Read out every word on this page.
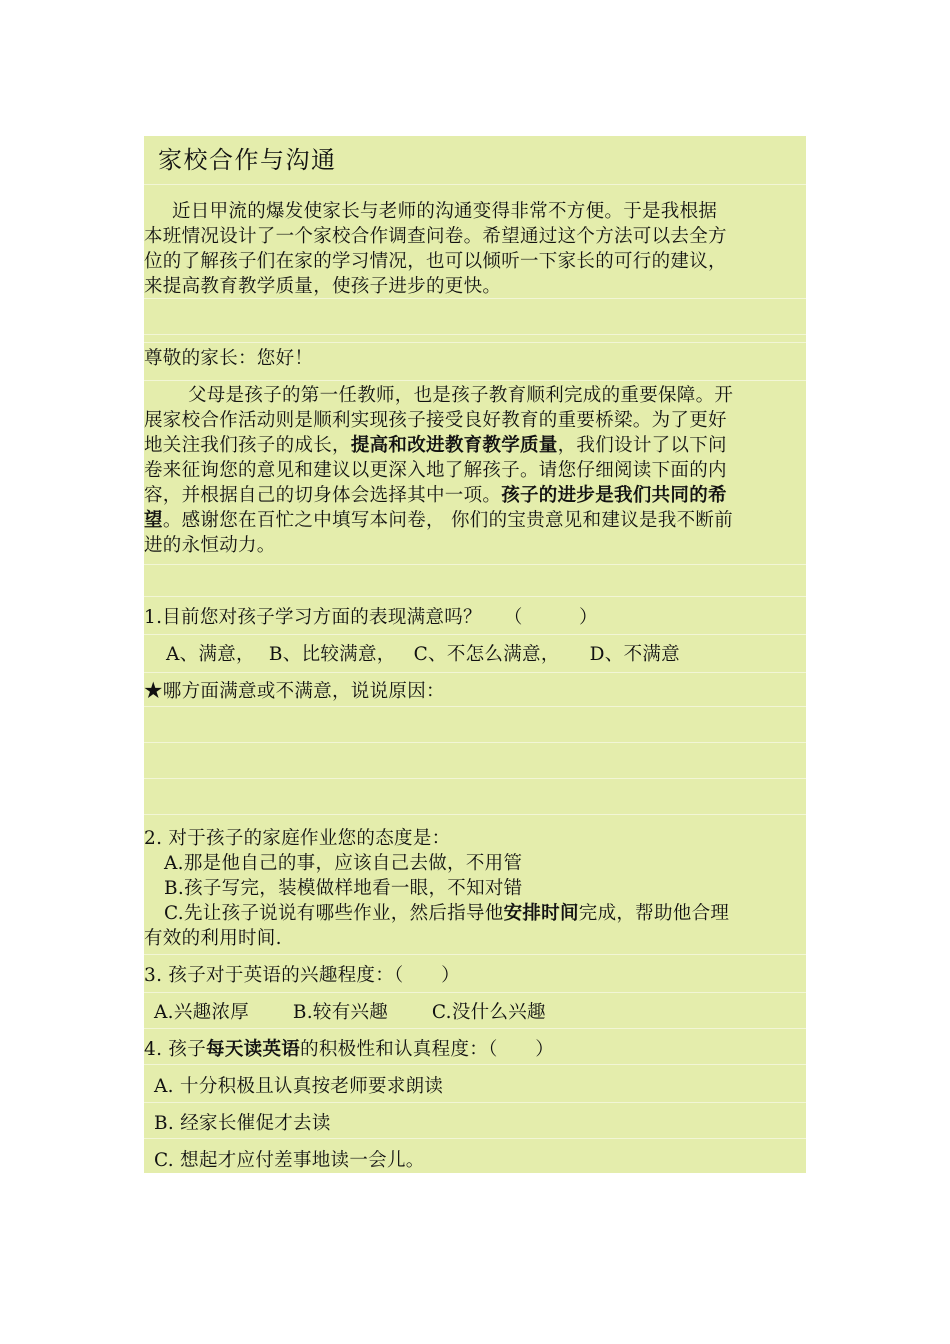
家校合作与沟通
近日甲流的爆发使家长与老师的沟通变得非常不方便。于是我根据
本班情况设计了一个家校合作调查问卷。希望通过这个方法可以去全方
位的了解孩子们在家的学习情况，也可以倾听一下家长的可行的建议，
来提高教育教学质量，使孩子进步的更快。
尊敬的家长：您好！
父母是孩子的第一任教师，也是孩子教育顺利完成的重要保障。开
展家校合作活动则是顺利实现孩子接受良好教育的重要桥梁。为了更好
地关注我们孩子的成长，提高和改进教育教学质量，我们设计了以下问
卷来征询您的意见和建议以更深入地了解孩子。请您仔细阅读下面的内
容，并根据自己的切身体会选择其中一项。孩子的进步是我们共同的希
望。感谢您在百忙之中填写本问卷， 你们的宝贵意见和建议是我不断前
进的永恒动力。
1.目前您对孩子学习方面的表现满意吗？ （　　　）
A、满意， B、比较满意， C、不怎么满意， D、不满意
★哪方面满意或不满意，说说原因：
2. 对于孩子的家庭作业您的态度是：
A.那是他自己的事，应该自己去做，不用管
B.孩子写完，装模做样地看一眼，不知对错
C.先让孩子说说有哪些作业，然后指导他安排时间完成，帮助他合理
有效的利用时间.
3. 孩子对于英语的兴趣程度：（　　）
A.兴趣浓厚　　 B.较有兴趣　　 C.没什么兴趣
4. 孩子每天读英语的积极性和认真程度：（　　）
A. 十分积极且认真按老师要求朗读
B. 经家长催促才去读
C. 想起才应付差事地读一会儿。
